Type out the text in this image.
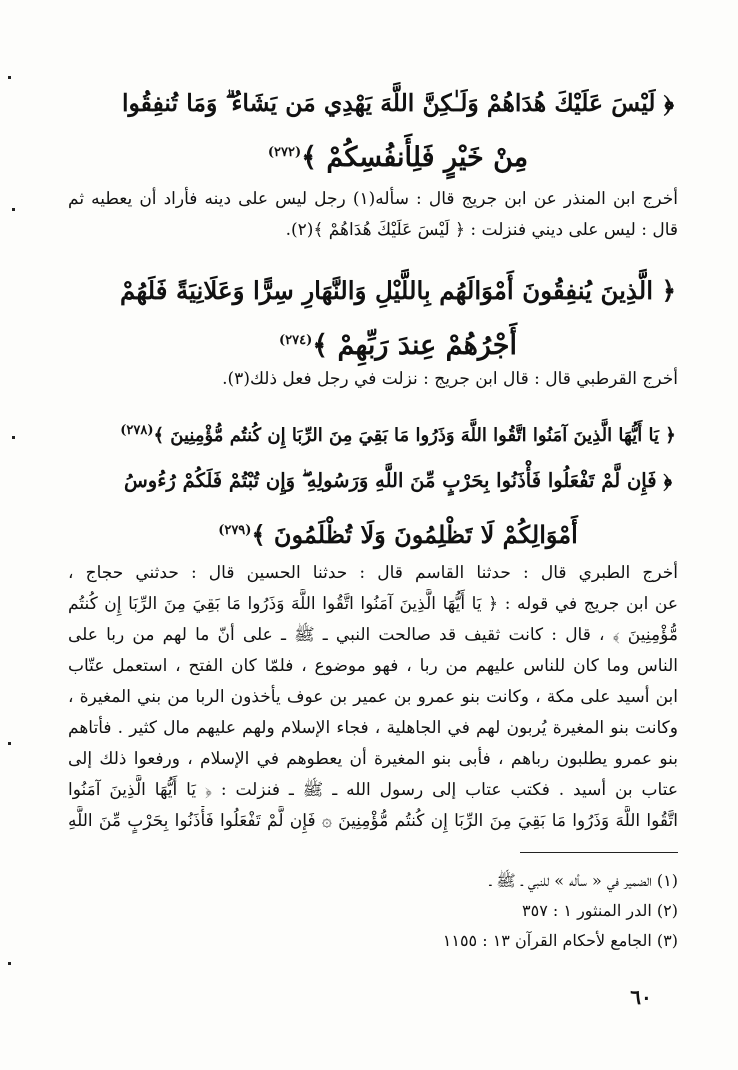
﴿ لَيْسَ عَلَيْكَ هُدَاهُمْ وَلَـٰكِنَّ اللَّهَ يَهْدِي مَن يَشَاءُ ۗ وَمَا تُنفِقُوا
مِنْ خَيْرٍ فَلِأَنفُسِكُمْ ﴾$^{(٢٧٢)}$
أخرج ابن المنذر عن ابن جريج قال : سأله(١) رجل ليس على دينه فأراد أن يعطيه ثم
قال : ليس على ديني فنزلت : ﴿ لَيْسَ عَلَيْكَ هُدَاهُمْ ﴾(٢).
﴿ الَّذِينَ يُنفِقُونَ أَمْوَالَهُم بِاللَّيْلِ وَالنَّهَارِ سِرًّا وَعَلَانِيَةً فَلَهُمْ
أَجْرُهُمْ عِندَ رَبِّهِمْ ﴾$^{(٢٧٤)}$
أخرج القرطبي قال : قال ابن جريج : نزلت في رجل فعل ذلك(٣).
﴿ يَا أَيُّهَا الَّذِينَ آمَنُوا اتَّقُوا اللَّهَ وَذَرُوا مَا بَقِيَ مِنَ الرِّبَا إِن كُنتُم مُّؤْمِنِينَ ﴾$^{(٢٧٨)}$
﴿ فَإِن لَّمْ تَفْعَلُوا فَأْذَنُوا بِحَرْبٍ مِّنَ اللَّهِ وَرَسُولِهِ ۖ وَإِن تُبْتُمْ فَلَكُمْ رُءُوسُ
أَمْوَالِكُمْ لَا تَظْلِمُونَ وَلَا تُظْلَمُونَ ﴾$^{(٢٧٩)}$
أخرج الطبري قال : حدثنا القاسم قال : حدثنا الحسين قال : حدثني حجاج ،
عن ابن جريج في قوله : ﴿ يَا أَيُّهَا الَّذِينَ آمَنُوا اتَّقُوا اللَّهَ وَذَرُوا مَا بَقِيَ مِنَ الرِّبَا إِن كُنتُم
مُّؤْمِنِينَ ﴾ ، قال : كانت ثقيف قد صالحت النبي ـ ﷺ ـ على أنّ ما لهم من ربا على
الناس وما كان للناس عليهم من ربا ، فهو موضوع ، فلمّا كان الفتح ، استعمل عتّاب
ابن أسيد على مكة ، وكانت بنو عمرو بن عمير بن عوف يأخذون الربا من بني المغيرة ،
وكانت بنو المغيرة يُربون لهم في الجاهلية ، فجاء الإسلام ولهم عليهم مال كثير . فأتاهم
بنو عمرو يطلبون رباهم ، فأبى بنو المغيرة أن يعطوهم في الإسلام ، ورفعوا ذلك إلى
عتاب بن أسيد . فكتب عتاب إلى رسول الله ـ ﷺ ـ فنزلت : ﴿ يَا أَيُّهَا الَّذِينَ آمَنُوا
اتَّقُوا اللَّهَ وَذَرُوا مَا بَقِيَ مِنَ الرِّبَا إِن كُنتُم مُّؤْمِنِينَ ۞ فَإِن لَّمْ تَفْعَلُوا فَأْذَنُوا بِحَرْبٍ مِّنَ اللَّهِ
(١) الضمير في « سأله » للنبي ـ ﷺ ـ
(٢) الدر المنثور ١ : ٣٥٧
(٣) الجامع لأحكام القرآن ١٣ : ١١٥٥
٦٠
